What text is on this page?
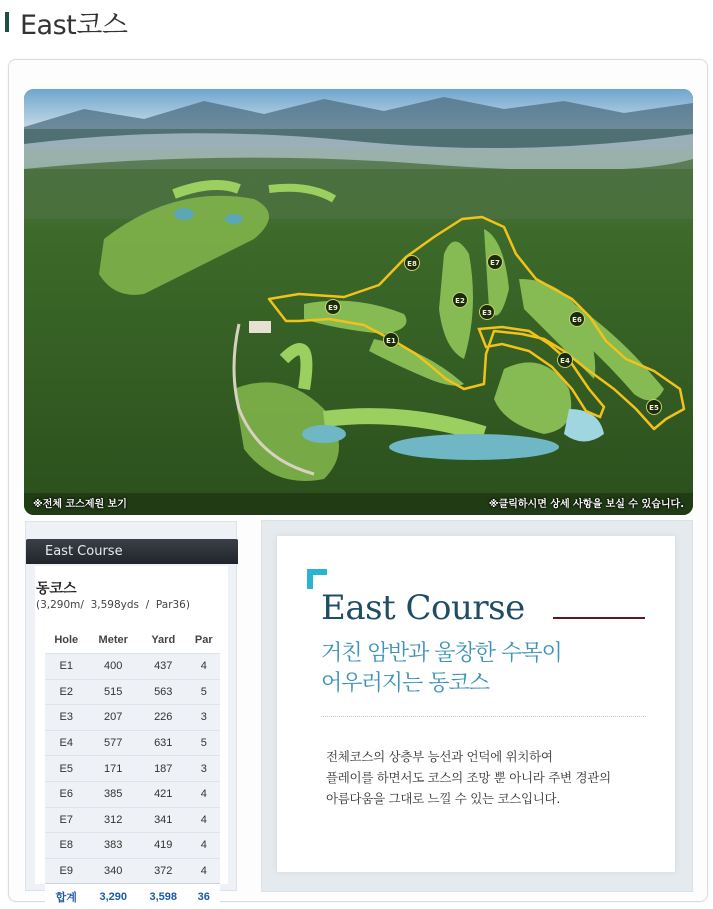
East코스
E8	E7
E2
E3
E6
E9
E1
E4
E5
※전체 코스제원 보기	※클릭하시면 상세 사항을 보실 수 있습니다.
East Course
동코스
(3,290m/  3,598yds  /  Par36)
Hole	Meter	Yard	Par
E1	400	437	4
E2	515	563	5
E3	207	226	3
E4	577	631	5
E5	171	187	3
E6	385	421	4
E7	312	341	4
E8	383	419	4
E9	340	372	4
합계	3,290	3,598	36
East Course
거친 암반과 울창한 수목이
어우러지는 동코스
전체코스의 상층부 능선과 언덕에 위치하여
플레이를 하면서도 코스의 조망 뿐 아니라 주변 경관의
아름다움을 그대로 느낄 수 있는 코스입니다.
